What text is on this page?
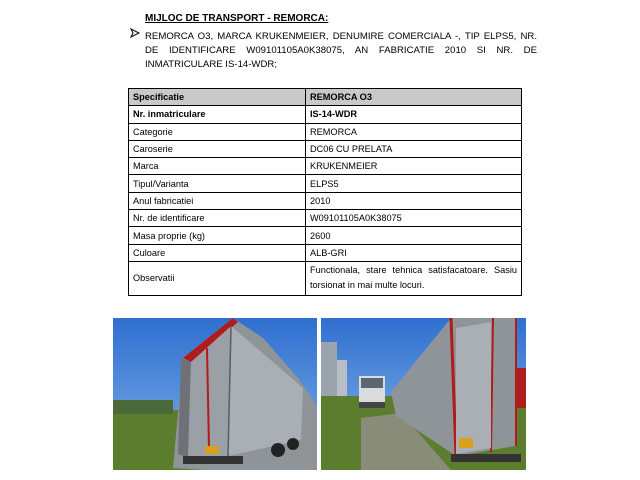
MIJLOC DE TRANSPORT - REMORCA:
REMORCA O3, MARCA KRUKENMEIER, DENUMIRE COMERCIALA -, TIP ELPS5, NR. DE IDENTIFICARE W09101105A0K38075, AN FABRICATIE 2010 SI NR. DE INMATRICULARE IS-14-WDR;
Specificatie	REMORCA O3
Nr. inmatriculare	IS-14-WDR
Categorie	REMORCA
Caroserie	DC06 CU PRELATA
Marca	KRUKENMEIER
Tipul/Varianta	ELPS5
Anul fabricatiei	2010
Nr. de identificare	W09101105A0K38075
Masa proprie (kg)	2600
Culoare	ALB-GRI
Observatii	Functionala, stare tehnica satisfacatoare. Sasiu torsionat in mai multe locuri.
